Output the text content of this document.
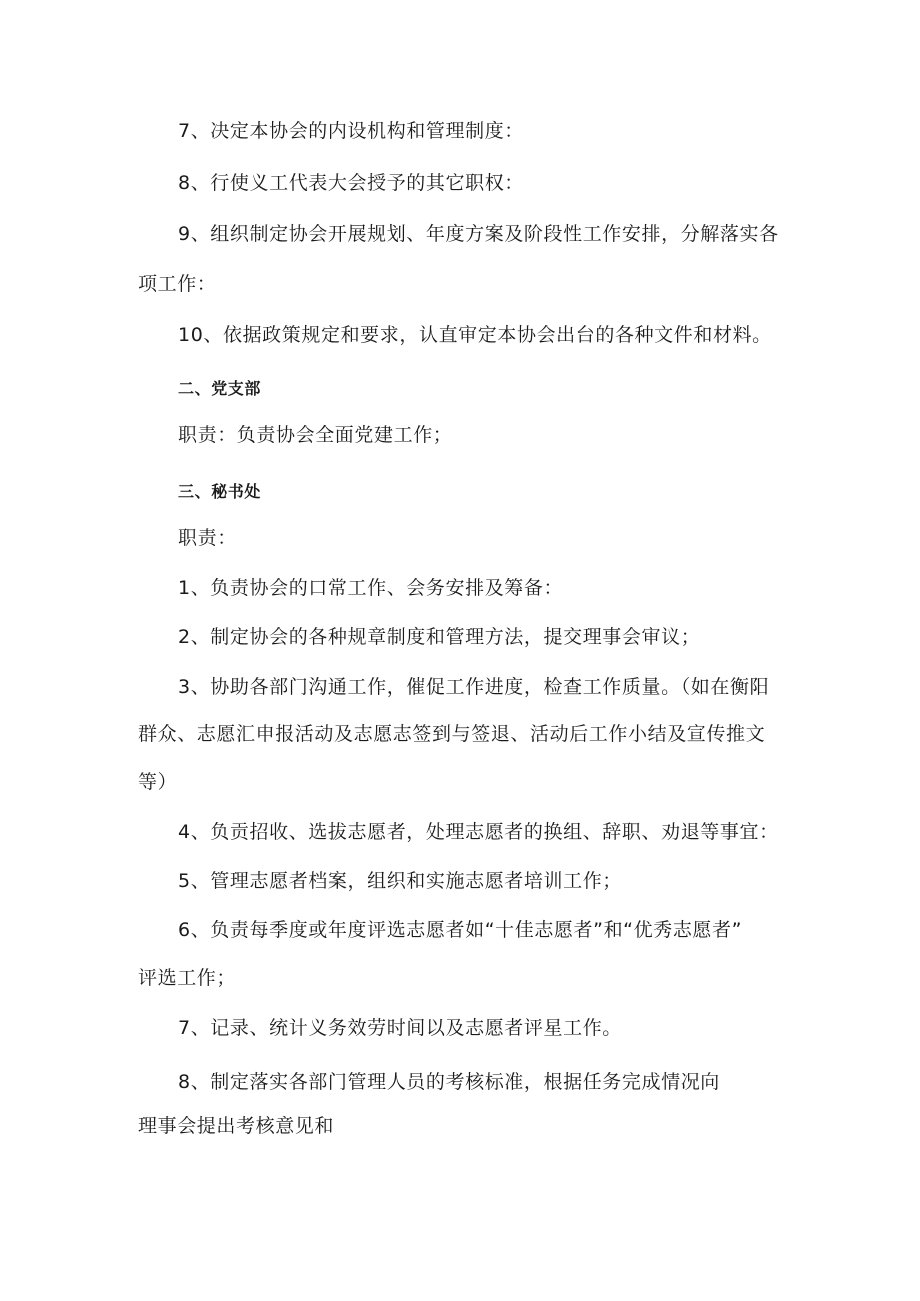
7、决定本协会的内设机构和管理制度：
8、行使义工代表大会授予的其它职权：
9、组织制定协会开展规划、年度方案及阶段性工作安排，分解落实各
项工作：
10、依据政策规定和要求，认直审定本协会出台的各种文件和材料。
二、党支部
职责：负责协会全面党建工作；
三、秘书处
职责：
1、负责协会的口常工作、会务安排及筹备：
2、制定协会的各种规章制度和管理方法，提交理事会审议；
3、协助各部门沟通工作，催促工作进度，检查工作质量。（如在衡阳
群众、志愿汇申报活动及志愿志签到与签退、活动后工作小结及宣传推文
等）
4、负贡招收、选拔志愿者，处理志愿者的换组、辞职、劝退等事宜：
5、管理志愿者档案，组织和实施志愿者培训工作；
6、负责每季度或年度评选志愿者如“十佳志愿者”和“优秀志愿者”
评选工作；
7、记录、统计义务效劳时间以及志愿者评星工作。
8、制定落实各部门管理人员的考核标准，根据任务完成情况向
理事会提出考核意见和
